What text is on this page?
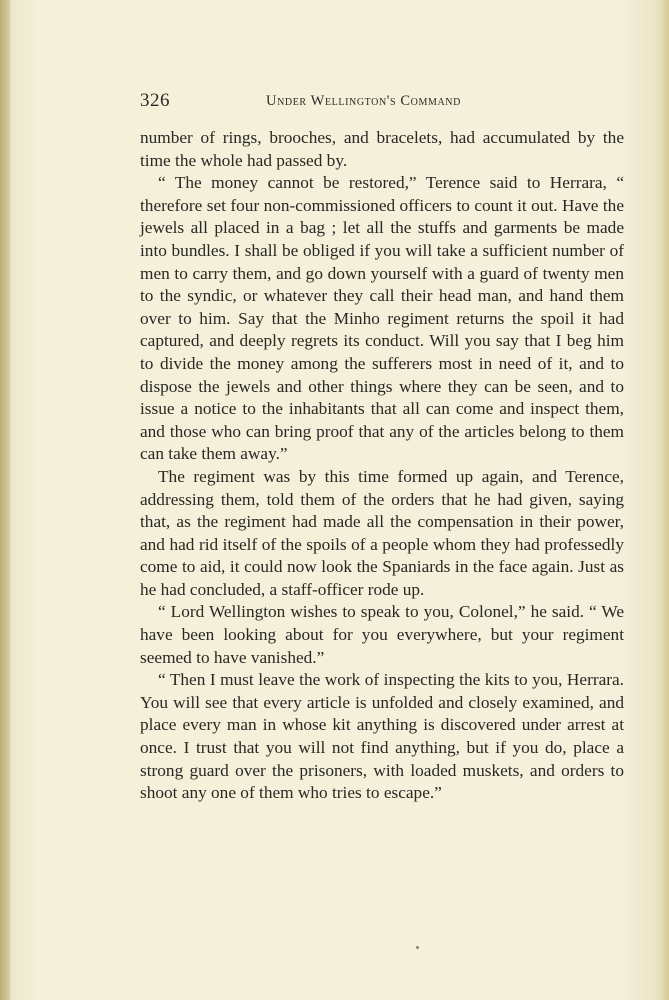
326	Under Wellington's Command

number of rings, brooches, and bracelets, had accumulated by the time the whole had passed by.

“ The money cannot be restored,” Terence said to Herrara, “ therefore set four non-commissioned officers to count it out. Have the jewels all placed in a bag ; let all the stuffs and garments be made into bundles. I shall be obliged if you will take a sufficient number of men to carry them, and go down yourself with a guard of twenty men to the syndic, or whatever they call their head man, and hand them over to him. Say that the Minho regiment returns the spoil it had captured, and deeply regrets its conduct. Will you say that I beg him to divide the money among the sufferers most in need of it, and to dispose the jewels and other things where they can be seen, and to issue a notice to the inhabitants that all can come and inspect them, and those who can bring proof that any of the articles belong to them can take them away.”

The regiment was by this time formed up again, and Terence, addressing them, told them of the orders that he had given, saying that, as the regiment had made all the compensation in their power, and had rid itself of the spoils of a people whom they had professedly come to aid, it could now look the Spaniards in the face again. Just as he had concluded, a staff-officer rode up.

“ Lord Wellington wishes to speak to you, Colonel,” he said. “ We have been looking about for you everywhere, but your regiment seemed to have vanished.”

“ Then I must leave the work of inspecting the kits to you, Herrara. You will see that every article is unfolded and closely examined, and place every man in whose kit anything is discovered under arrest at once. I trust that you will not find anything, but if you do, place a strong guard over the prisoners, with loaded muskets, and orders to shoot any one of them who tries to escape.”
